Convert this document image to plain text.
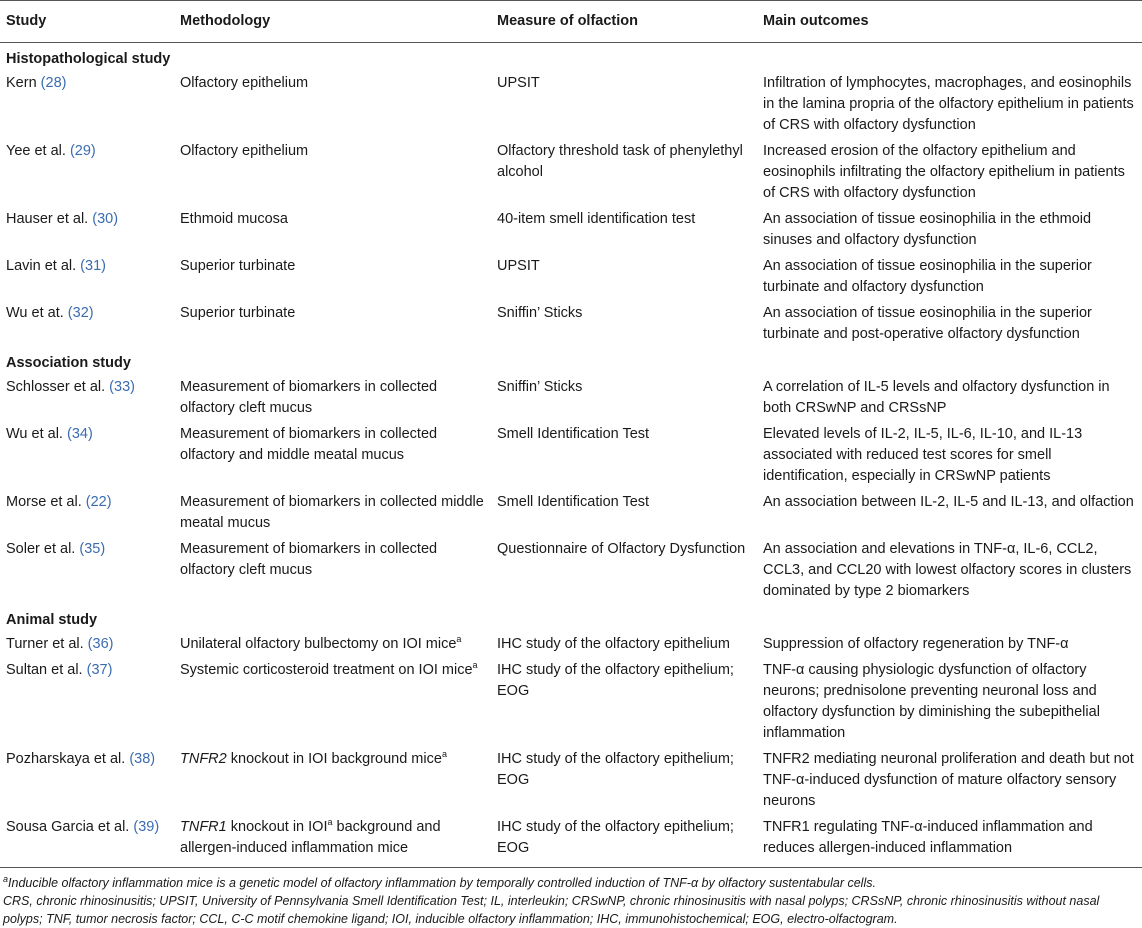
Study	Methodology	Measure of olfaction	Main outcomes
Histopathological study			
Kern (28)	Olfactory epithelium	UPSIT	Infiltration of lymphocytes, macrophages, and eosinophils in the lamina propria of the olfactory epithelium in patients of CRS with olfactory dysfunction
Yee et al. (29)	Olfactory epithelium	Olfactory threshold task of phenylethyl alcohol	Increased erosion of the olfactory epithelium and eosinophils infiltrating the olfactory epithelium in patients of CRS with olfactory dysfunction
Hauser et al. (30)	Ethmoid mucosa	40-item smell identification test	An association of tissue eosinophilia in the ethmoid sinuses and olfactory dysfunction
Lavin et al. (31)	Superior turbinate	UPSIT	An association of tissue eosinophilia in the superior turbinate and olfactory dysfunction
Wu et at. (32)	Superior turbinate	Sniffin’ Sticks	An association of tissue eosinophilia in the superior turbinate and post-operative olfactory dysfunction
Association study			
Schlosser et al. (33)	Measurement of biomarkers in collected olfactory cleft mucus	Sniffin’ Sticks	A correlation of IL-5 levels and olfactory dysfunction in both CRSwNP and CRSsNP
Wu et al. (34)	Measurement of biomarkers in collected olfactory and middle meatal mucus	Smell Identification Test	Elevated levels of IL-2, IL-5, IL-6, IL-10, and IL-13 associated with reduced test scores for smell identification, especially in CRSwNP patients
Morse et al. (22)	Measurement of biomarkers in collected middle meatal mucus	Smell Identification Test	An association between IL-2, IL-5 and IL-13, and olfaction
Soler et al. (35)	Measurement of biomarkers in collected olfactory cleft mucus	Questionnaire of Olfactory Dysfunction	An association and elevations in TNF-α, IL-6, CCL2, CCL3, and CCL20 with lowest olfactory scores in clusters dominated by type 2 biomarkers
Animal study			
Turner et al. (36)	Unilateral olfactory bulbectomy on IOI mice$^a$	IHC study of the olfactory epithelium	Suppression of olfactory regeneration by TNF-α
Sultan et al. (37)	Systemic corticosteroid treatment on IOI mice$^a$	IHC study of the olfactory epithelium; EOG	TNF-α causing physiologic dysfunction of olfactory neurons; prednisolone preventing neuronal loss and olfactory dysfunction by diminishing the subepithelial inflammation
Pozharskaya et al. (38)	TNFR2 knockout in IOI background mice$^a$	IHC study of the olfactory epithelium; EOG	TNFR2 mediating neuronal proliferation and death but not TNF-α-induced dysfunction of mature olfactory sensory neurons
Sousa Garcia et al. (39)	TNFR1 knockout in IOI$^a$ background and allergen-induced inflammation mice	IHC study of the olfactory epithelium; EOG	TNFR1 regulating TNF-α-induced inflammation and reduces allergen-induced inflammation

$^a$Inducible olfactory inflammation mice is a genetic model of olfactory inflammation by temporally controlled induction of TNF-α by olfactory sustentabular cells.

CRS, chronic rhinosinusitis; UPSIT, University of Pennsylvania Smell Identification Test; IL, interleukin; CRSwNP, chronic rhinosinusitis with nasal polyps; CRSsNP, chronic rhinosinusitis without nasal polyps; TNF, tumor necrosis factor; CCL, C-C motif chemokine ligand; IOI, inducible olfactory inflammation; IHC, immunohistochemical; EOG, electro-olfactogram.
